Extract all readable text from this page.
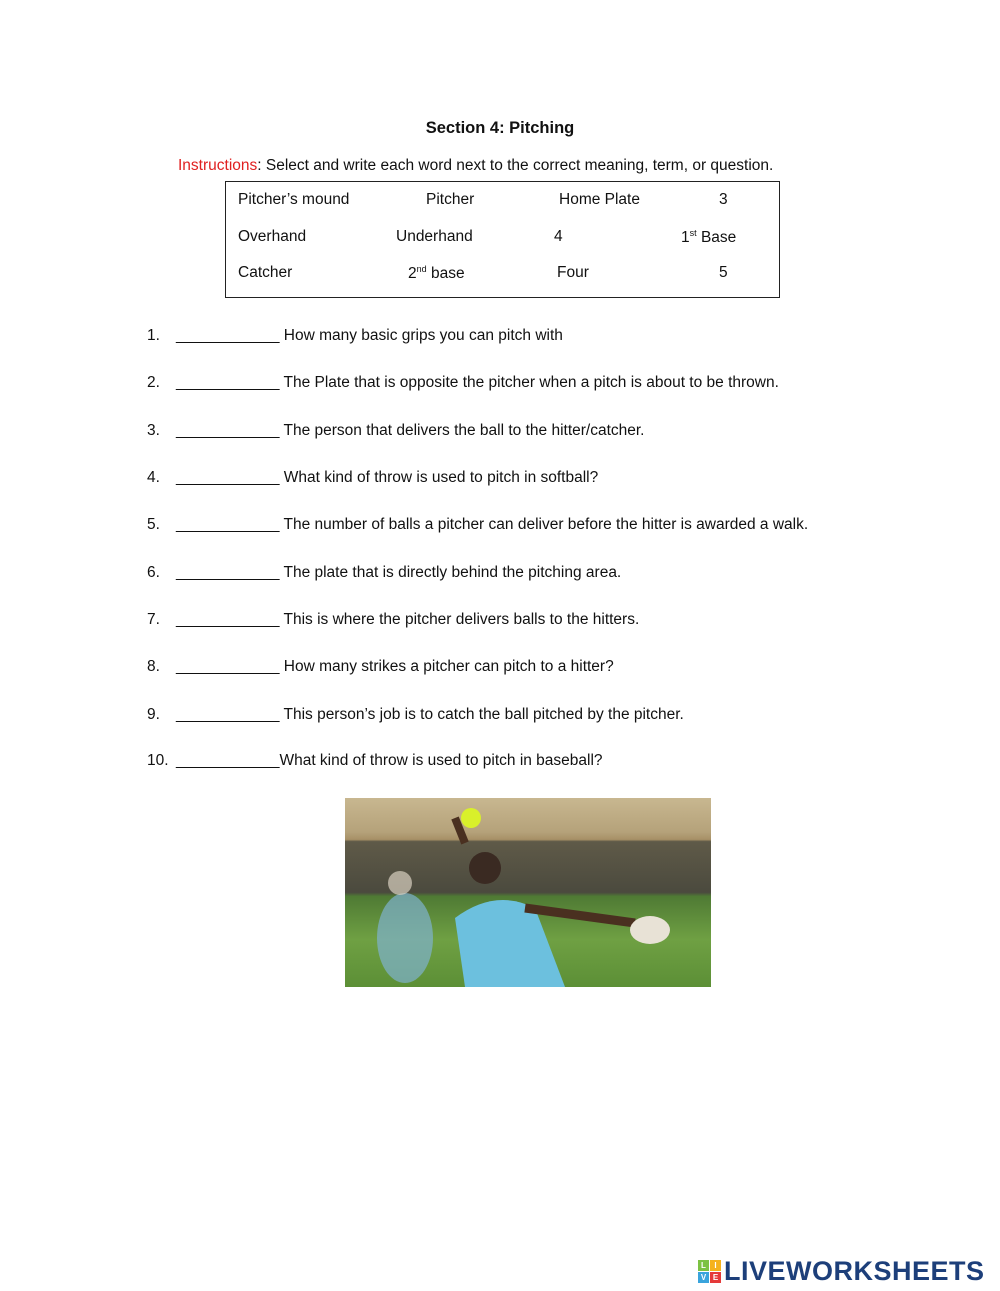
Section 4: Pitching
Instructions: Select and write each word next to the correct meaning, term, or question.
Pitcher’s mound	Pitcher	Home Plate	3
Overhand	Underhand	4	1st Base
Catcher	2nd base	Four	5
1. ____________ How many basic grips you can pitch with
2. ____________ The Plate that is opposite the pitcher when a pitch is about to be thrown.
3. ____________ The person that delivers the ball to the hitter/catcher.
4. ____________ What kind of throw is used to pitch in softball?
5. ____________ The number of balls a pitcher can deliver before the hitter is awarded a walk.
6. ____________ The plate that is directly behind the pitching area.
7. ____________ This is where the pitcher delivers balls to the hitters.
8. ____________ How many strikes a pitcher can pitch to a hitter?
9. ____________ This person’s job is to catch the ball pitched by the pitcher.
10. ____________What kind of throw is used to pitch in baseball?
L	I
V E LIVEWORKSHEETS
